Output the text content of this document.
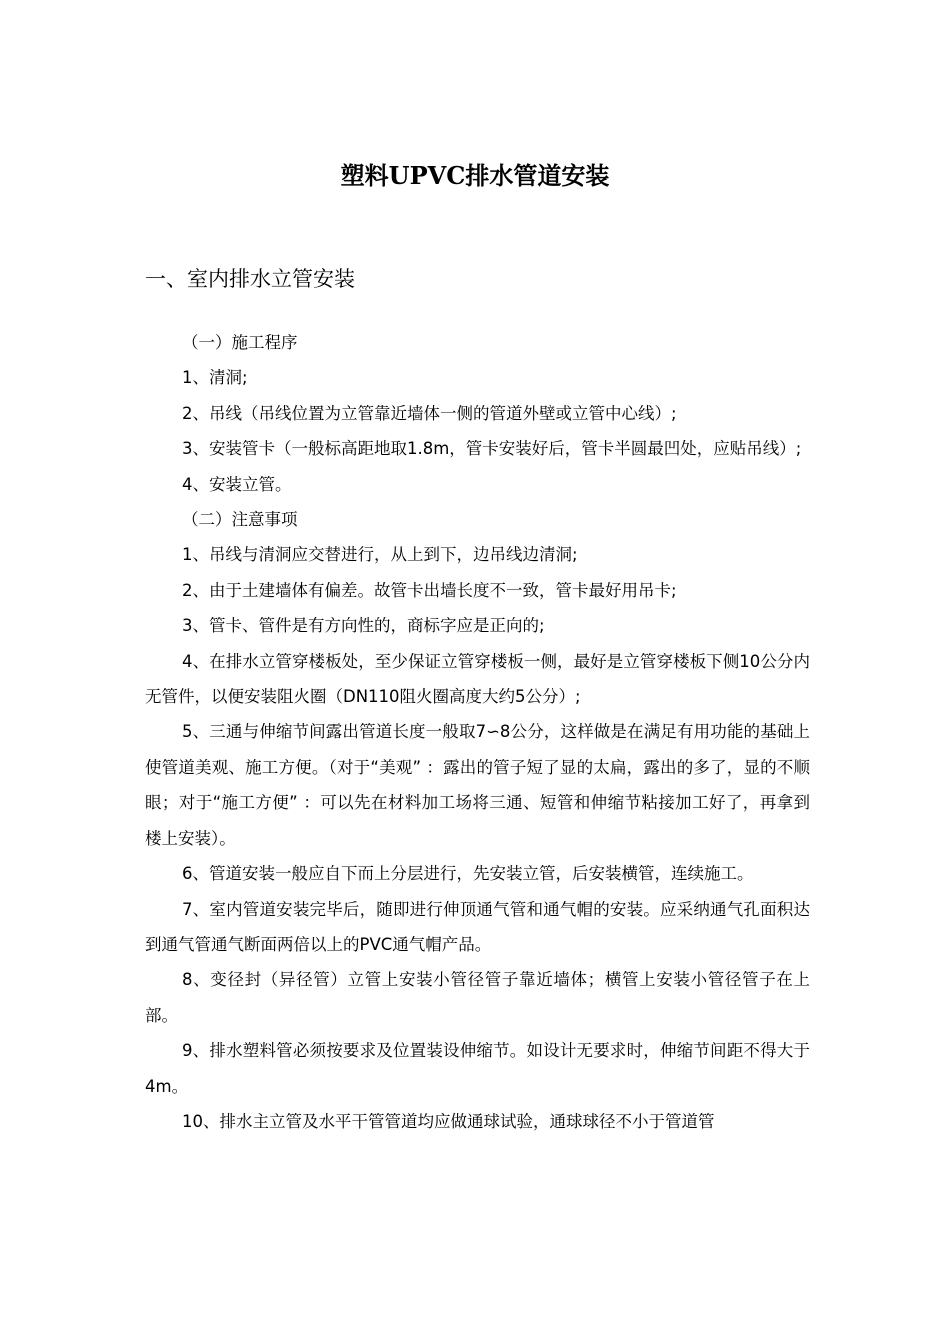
塑料UPVC排水管道安装
一、室内排水立管安装

（一）施工程序

1、清洞;

2、吊线（吊线位置为立管靠近墙体一侧的管道外壁或立管中心线）;

3、安装管卡（一般标高距地取1.8m，管卡安装好后，管卡半圆最凹处，应贴吊线）;

4、安装立管。

（二）注意事项

1、吊线与清洞应交替进行，从上到下，边吊线边清洞;

2、由于土建墙体有偏差。故管卡出墙长度不一致，管卡最好用吊卡;

3、管卡、管件是有方向性的，商标字应是正向的;

4、在排水立管穿楼板处，至少保证立管穿楼板一侧，最好是立管穿楼板下侧10公分内无管件，以便安装阻火圈（DN110阻火圈高度大约5公分）;

5、三通与伸缩节间露出管道长度一般取7∽8公分，这样做是在满足有用功能的基础上使管道美观、施工方便。（对于“美观” ：露出的管子短了显的太扁，露出的多了，显的不顺眼；对于“施工方便” ：可以先在材料加工场将三通、短管和伸缩节粘接加工好了，再拿到楼上安装）。

6、管道安装一般应自下而上分层进行，先安装立管，后安装横管，连续施工。

7、室内管道安装完毕后，随即进行伸顶通气管和通气帽的安装。应采纳通气孔面积达到通气管通气断面两倍以上的PVC通气帽产品。

8、变径封（异径管）立管上安装小管径管子靠近墙体；横管上安装小管径管子在上部。

9、排水塑料管必须按要求及位置装设伸缩节。如设计无要求时，伸缩节间距不得大于4m。

10、排水主立管及水平干管管道均应做通球试验，通球球径不小于管道管
